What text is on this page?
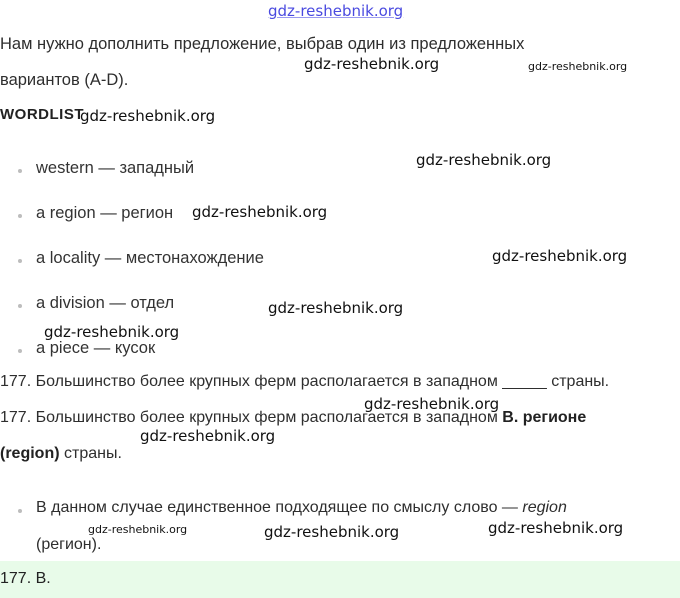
gdz-reshebnik.org
Нам нужно дополнить предложение, выбрав один из предложенных
вариантов (A-D).
gdz-reshebnik.org	gdz-reshebnik.org
WORDLIST
gdz-reshebnik.org
western — западный
a region — регион
a locality — местонахождение
a division — отдел
a piece — кусок
gdz-reshebnik.org
gdz-reshebnik.org
gdz-reshebnik.org
gdz-reshebnik.org
gdz-reshebnik.org
177. Большинство более крупных ферм располагается в западном _____ страны.
177. Большинство более крупных ферм располагается в западном B. регионе
(region) страны.
gdz-reshebnik.org
gdz-reshebnik.org
В данном случае единственное подходящее по смыслу слово — region
(регион).
gdz-reshebnik.org	gdz-reshebnik.org	gdz-reshebnik.org
177. B.
